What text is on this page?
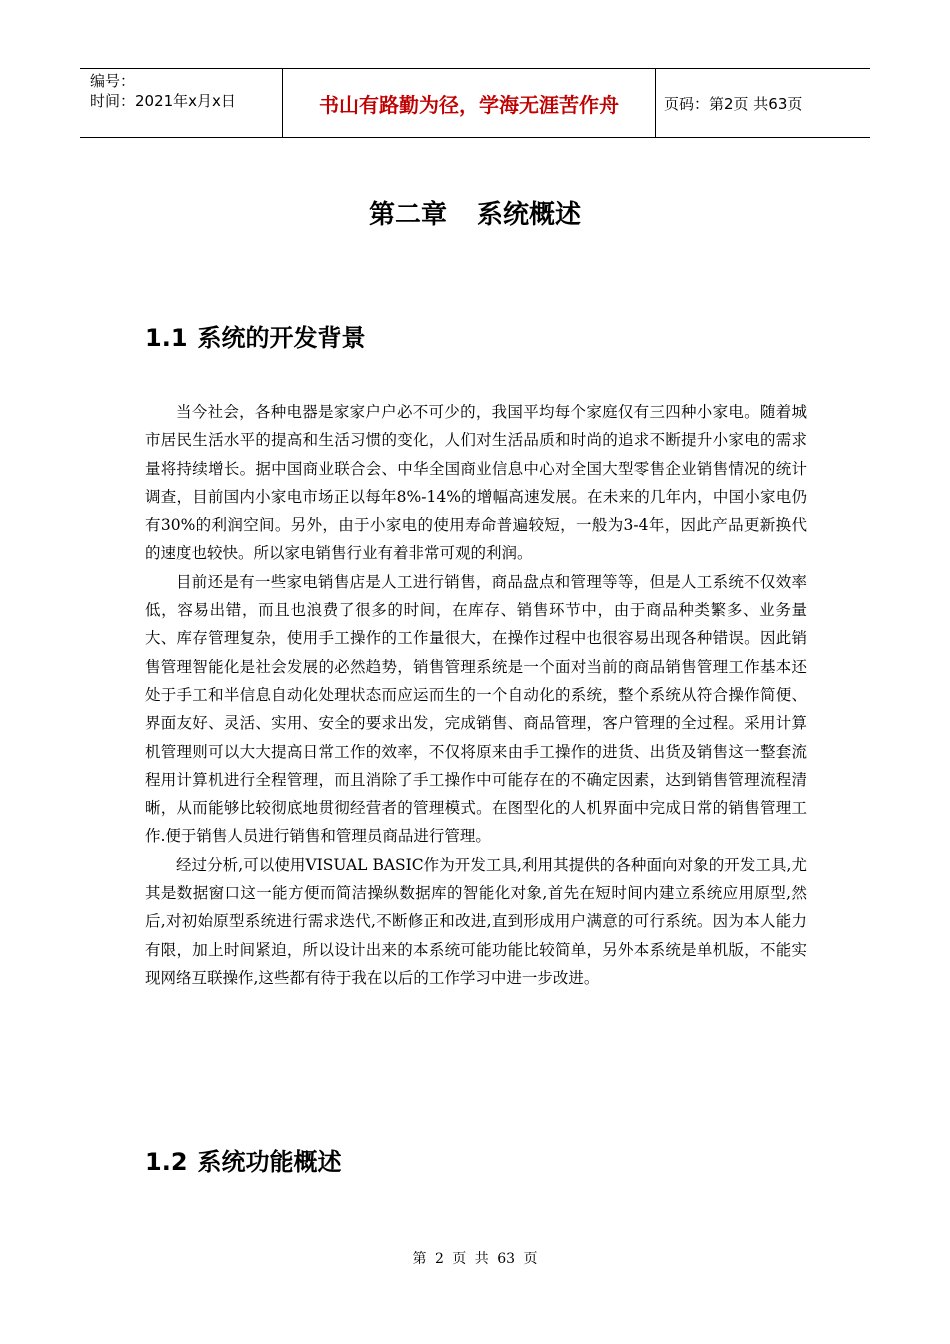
编号：
时间：2021年x月x日	书山有路勤为径，学海无涯苦作舟	页码：第2页 共63页
第二章 系统概述
1.1 系统的开发背景

当今社会，各种电器是家家户户必不可少的，我国平均每个家庭仅有三四种小家电。随着城市居民生活水平的提高和生活习惯的变化，人们对生活品质和时尚的追求不断提升小家电的需求量将持续增长。据中国商业联合会、中华全国商业信息中心对全国大型零售企业销售情况的统计调查，目前国内小家电市场正以每年8%-14%的增幅高速发展。在未来的几年内，中国小家电仍有30%的利润空间。另外，由于小家电的使用寿命普遍较短，一般为3-4年，因此产品更新换代的速度也较快。所以家电销售行业有着非常可观的利润。

目前还是有一些家电销售店是人工进行销售，商品盘点和管理等等，但是人工系统不仅效率低，容易出错，而且也浪费了很多的时间，在库存、销售环节中，由于商品种类繁多、业务量大、库存管理复杂，使用手工操作的工作量很大，在操作过程中也很容易出现各种错误。因此销售管理智能化是社会发展的必然趋势，销售管理系统是一个面对当前的商品销售管理工作基本还处于手工和半信息自动化处理状态而应运而生的一个自动化的系统，整个系统从符合操作简便、界面友好、灵活、实用、安全的要求出发，完成销售、商品管理，客户管理的全过程。采用计算机管理则可以大大提高日常工作的效率，不仅将原来由手工操作的进货、出货及销售这一整套流程用计算机进行全程管理，而且消除了手工操作中可能存在的不确定因素，达到销售管理流程清晰，从而能够比较彻底地贯彻经营者的管理模式。在图型化的人机界面中完成日常的销售管理工作.便于销售人员进行销售和管理员商品进行管理。

经过分析,可以使用VISUAL BASIC作为开发工具,利用其提供的各种面向对象的开发工具,尤其是数据窗口这一能方便而简洁操纵数据库的智能化对象,首先在短时间内建立系统应用原型,然后,对初始原型系统进行需求迭代,不断修正和改进,直到形成用户满意的可行系统。因为本人能力有限，加上时间紧迫，所以设计出来的本系统可能功能比较简单，另外本系统是单机版，不能实现网络互联操作,这些都有待于我在以后的工作学习中进一步改进。

1.2 系统功能概述
第 2 页 共 63 页
